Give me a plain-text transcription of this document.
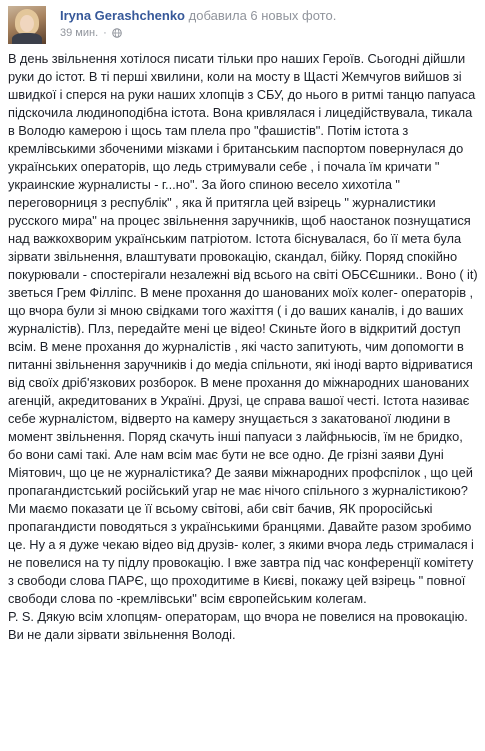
Iryna Gerashchenko добавила 6 новых фото.
39 мин. ·

В день звільнення хотілося писати тільки про наших Героїв. Сьогодні дійшли руки до істот. В ті перші хвилини, коли на мосту в Щасті Жемчугов вийшов зі швидкої і сперся на руки наших хлопців з СБУ, до нього в ритмі танцю папуаса підскочила людиноподібна істота. Вона кривлялася і лицедійствувала, тикала в Володю камерою і щось там плела про "фашистів". Потім істота з кремлівськими збоченими мізками і британським паспортом повернулася до українських операторів, що ледь стримували себе , і почала їм кричати " украинские журналисты - г...но". За його спиною весело хихотіла " переговорниця з республік" , яка й притягла цей взірець " журналистики русского мира" на процес звільнення заручників, щоб наостанок познущатися над важкохворим українським патріотом. Істота біснувалася, бо її мета була зірвати звільнення, влаштувати провокацію, скандал, бійку. Поряд спокійно покурювали - спостерігали незалежні від всього на світі ОБСЄшники.. Воно ( it) зветься Грем Філліпс. В мене прохання до шанованих моїх колег- операторів , що вчора були зі мною свідками того жахіття ( і до ваших каналів, і до ваших журналістів). Плз, передайте мені це відео! Скиньте його в відкритий доступ всім. В мене прохання до журналістів , які часто запитують, чим допомогти в питанні звільнення заручників і до медіа спільноти, які іноді варто відриватися від своїх дріб'язкових розборок. В мене прохання до міжнародних шанованих агенцій, акредитованих в Україні. Друзі, це справа вашої честі. Істота називає себе журналістом, відверто на камеру знущається з закатованої людини в момент звільнення. Поряд скачуть інші папуаси з лайфньюсів, їм не бридко, бо вони самі такі. Але нам всім має бути не все одно. Де грізні заяви Дуні Міятович, що це не журналістика? Де заяви міжнародних профспілок , що цей пропагандистський російський угар не має нічого спільного з журналістикою? Ми маємо показати це її всьому світові, аби світ бачив, ЯК проросійські пропагандисти поводяться з українськими бранцями. Давайте разом зробимо це. Ну а я дуже чекаю відео від друзів- колег, з якими вчора ледь стрималася і не повелися на ту підлу провокацію. І вже завтра під час конференції комітету з свободи слова ПАРЄ, що проходитиме в Києві, покажу цей взірець " повної свободи слова по -кремлівськи" всім європейським колегам.

P. S. Дякую всім хлопцям- операторам, що вчора не повелися на провокацію. Ви не дали зірвати звільнення Володі.
